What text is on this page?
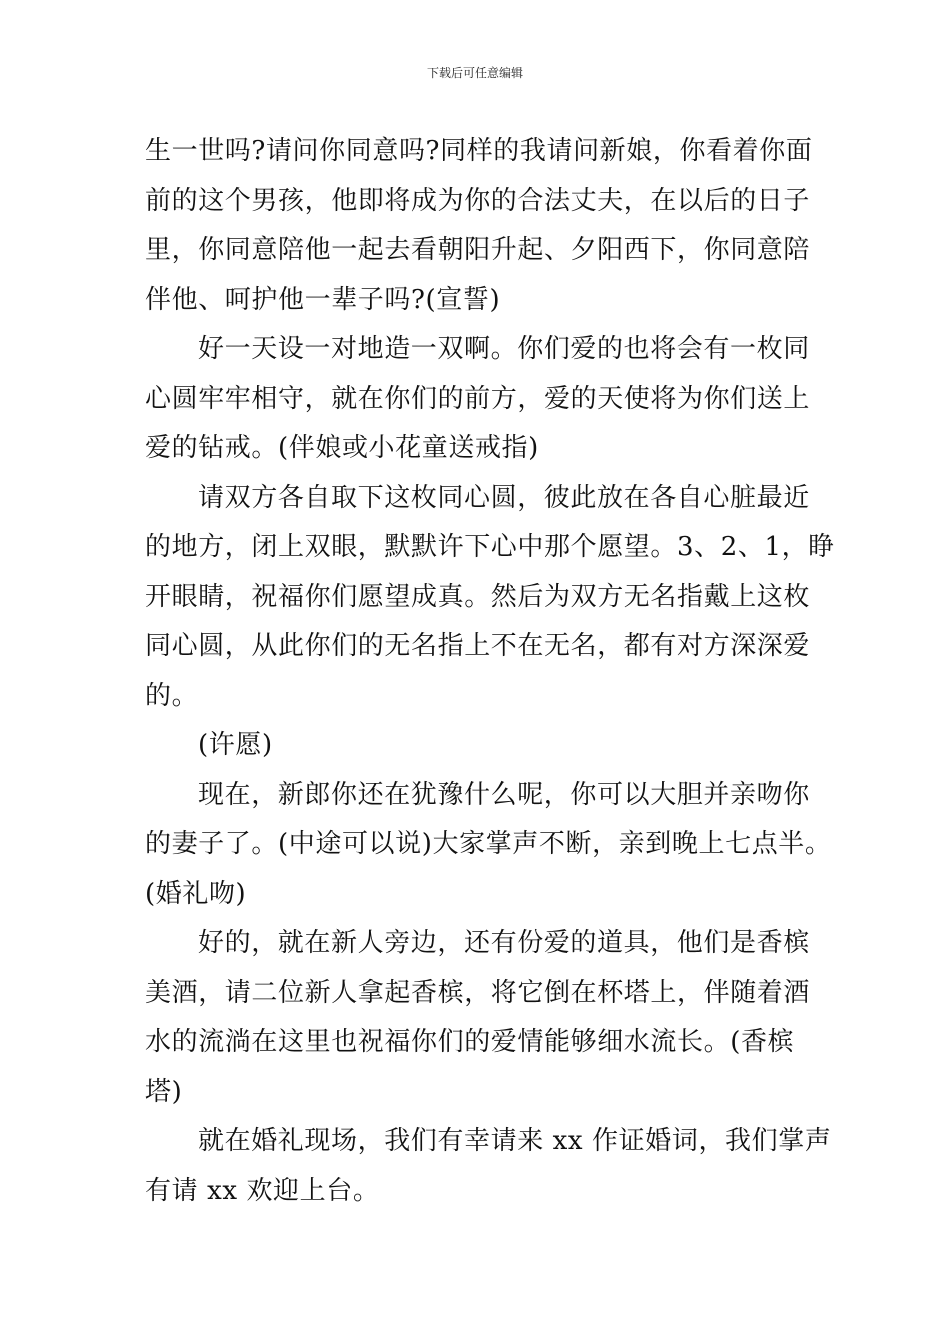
下载后可任意编辑

生一世吗?请问你同意吗?同样的我请问新娘，你看着你面
前的这个男孩，他即将成为你的合法丈夫，在以后的日子
里，你同意陪他一起去看朝阳升起、夕阳西下，你同意陪
伴他、呵护他一辈子吗?(宣誓)

好一天设一对地造一双啊。你们爱的也将会有一枚同
心圆牢牢相守，就在你们的前方，爱的天使将为你们送上
爱的钻戒。(伴娘或小花童送戒指)

请双方各自取下这枚同心圆，彼此放在各自心脏最近
的地方，闭上双眼，默默许下心中那个愿望。3、2、1，睁
开眼睛，祝福你们愿望成真。然后为双方无名指戴上这枚
同心圆，从此你们的无名指上不在无名，都有对方深深爱
的。

(许愿)

现在，新郎你还在犹豫什么呢，你可以大胆并亲吻你
的妻子了。(中途可以说)大家掌声不断，亲到晚上七点半。
(婚礼吻)

好的，就在新人旁边，还有份爱的道具，他们是香槟
美酒，请二位新人拿起香槟，将它倒在杯塔上，伴随着酒
水的流淌在这里也祝福你们的爱情能够细水流长。(香槟
塔)

就在婚礼现场，我们有幸请来 xx 作证婚词，我们掌声
有请 xx 欢迎上台。
